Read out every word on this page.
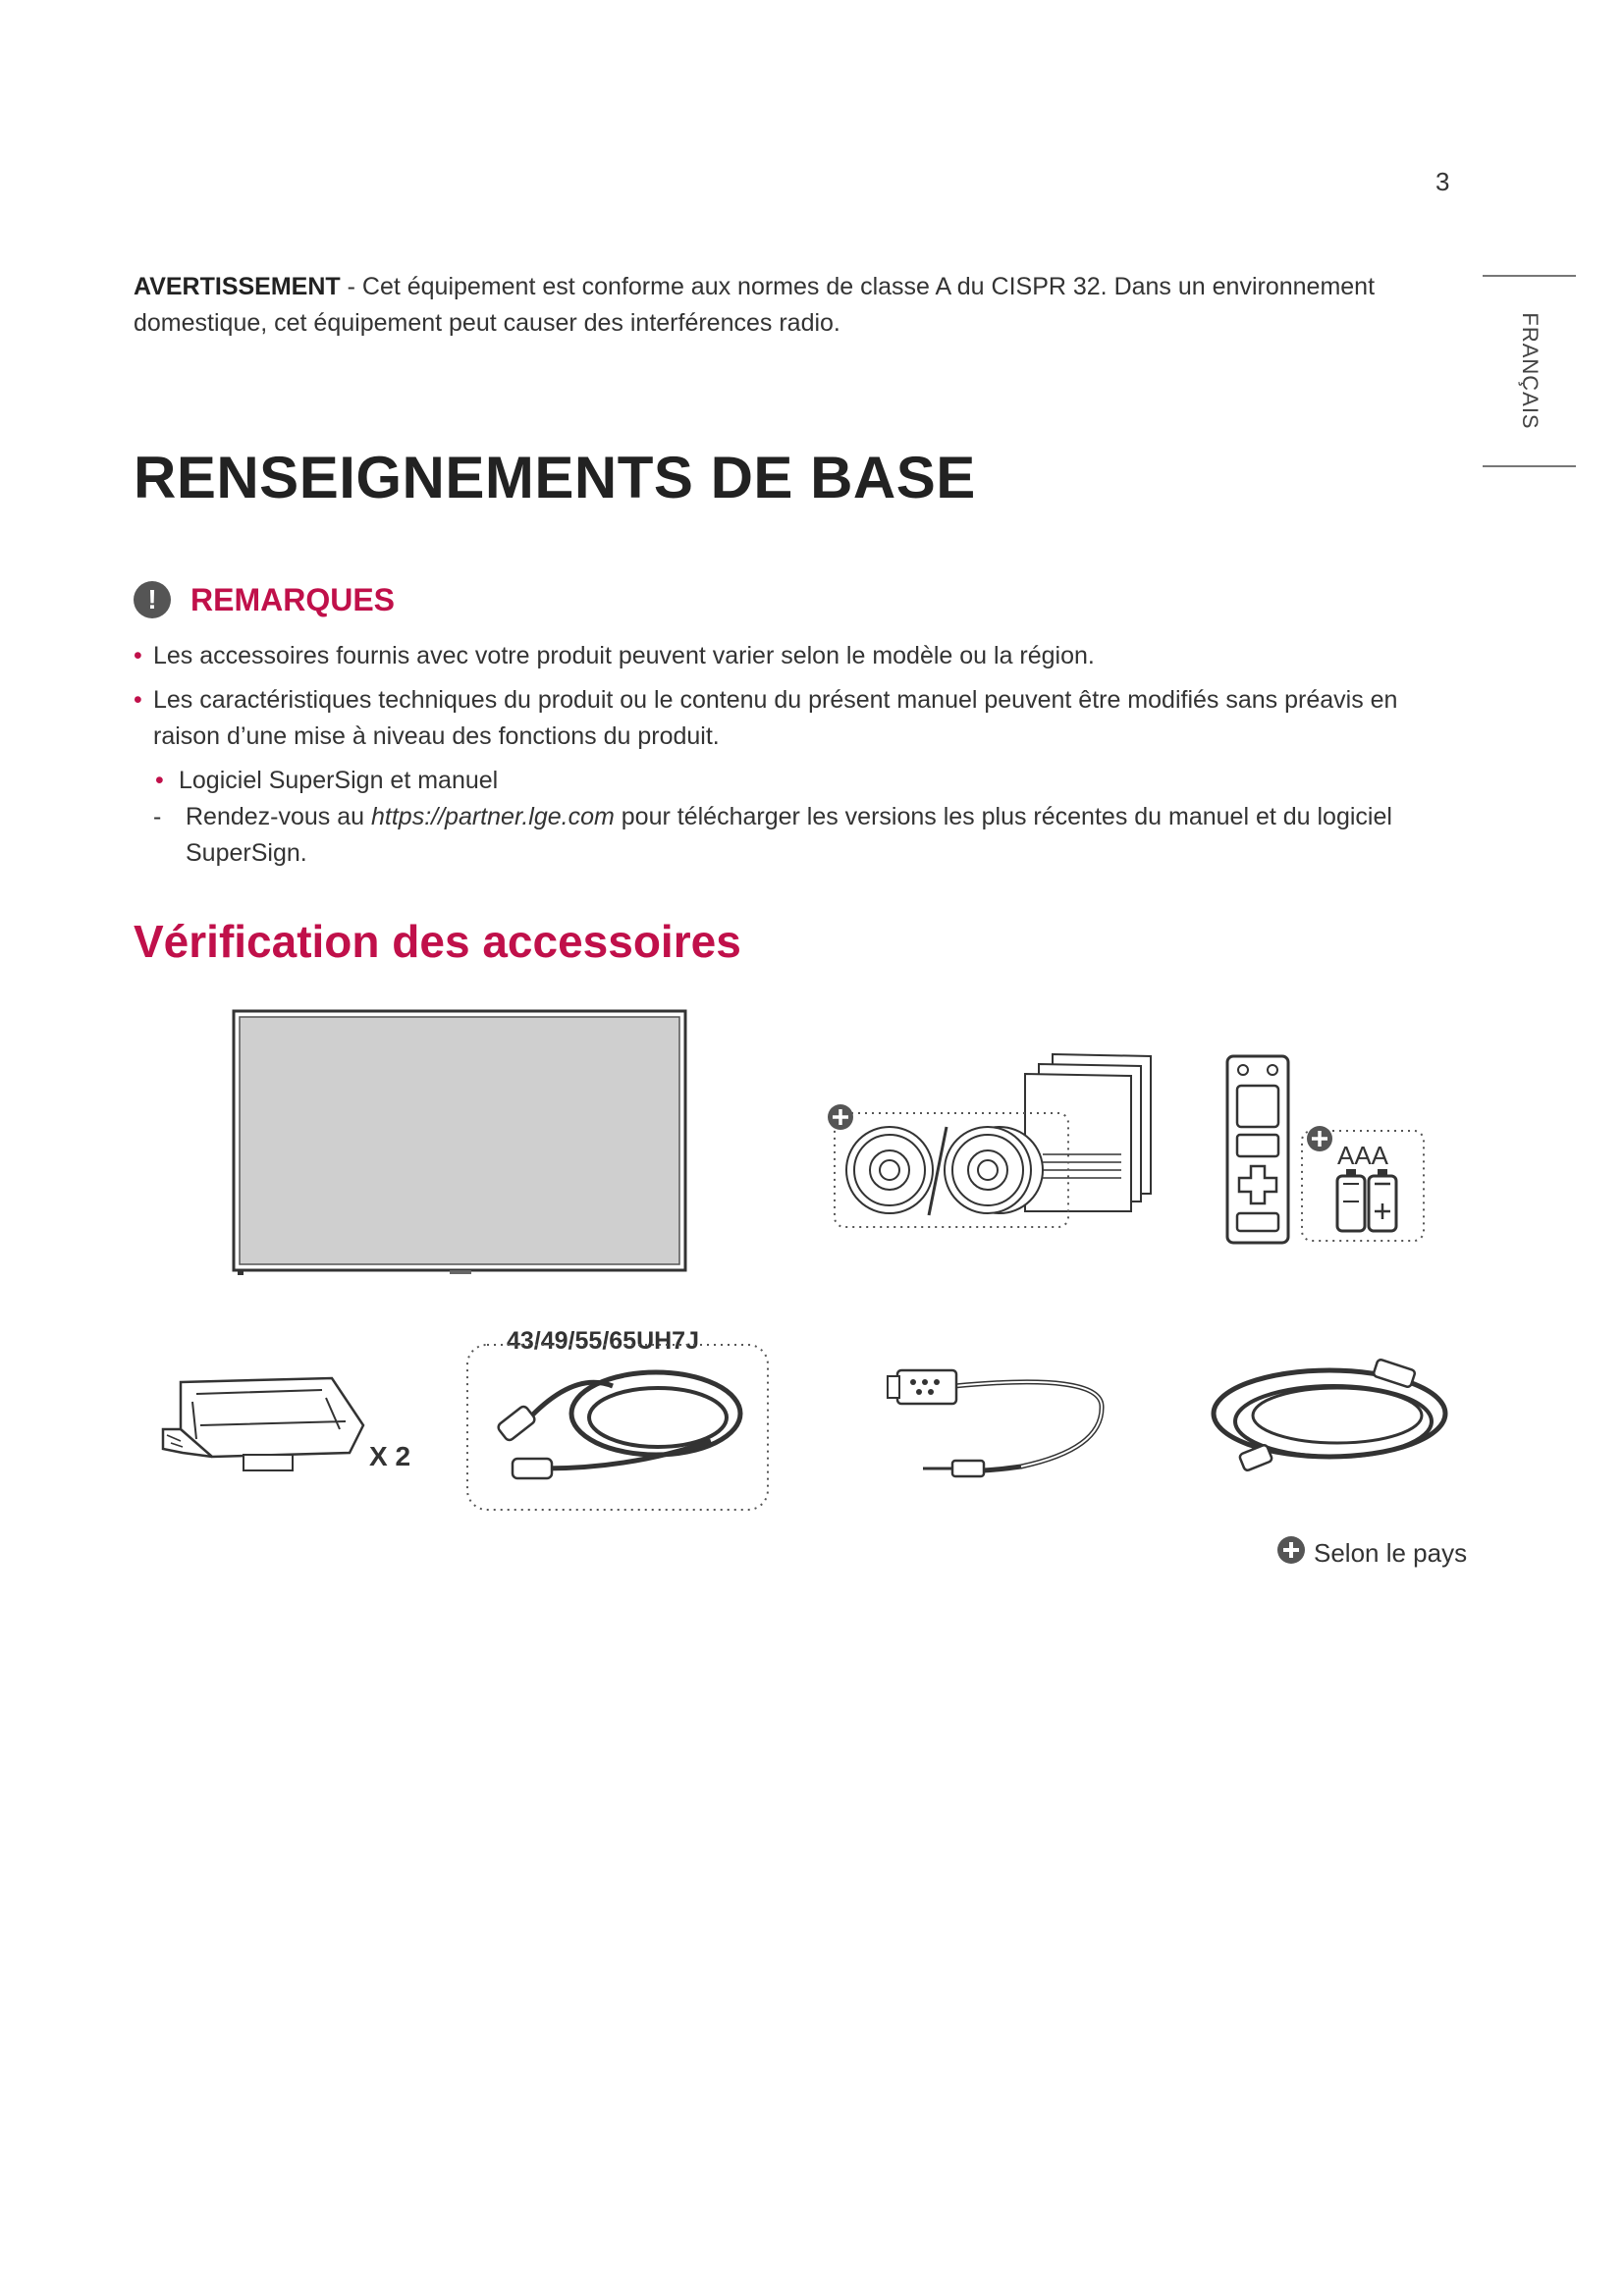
3
FRANÇAIS
AVERTISSEMENT - Cet équipement est conforme aux normes de classe A du CISPR 32. Dans un environnement domestique, cet équipement peut causer des interférences radio.
RENSEIGNEMENTS DE BASE
!	REMARQUES
• Les accessoires fournis avec votre produit peuvent varier selon le modèle ou la région.
• Les caractéristiques techniques du produit ou le contenu du présent manuel peuvent être modifiés sans préavis en raison d’une mise à niveau des fonctions du produit.
• Logiciel SuperSign et manuel
- Rendez-vous au https://partner.lge.com pour télécharger les versions les plus récentes du manuel et du logiciel SuperSign.
Vérification des accessoires
AAA
X 2
43/49/55/65UH7J
Selon le pays
